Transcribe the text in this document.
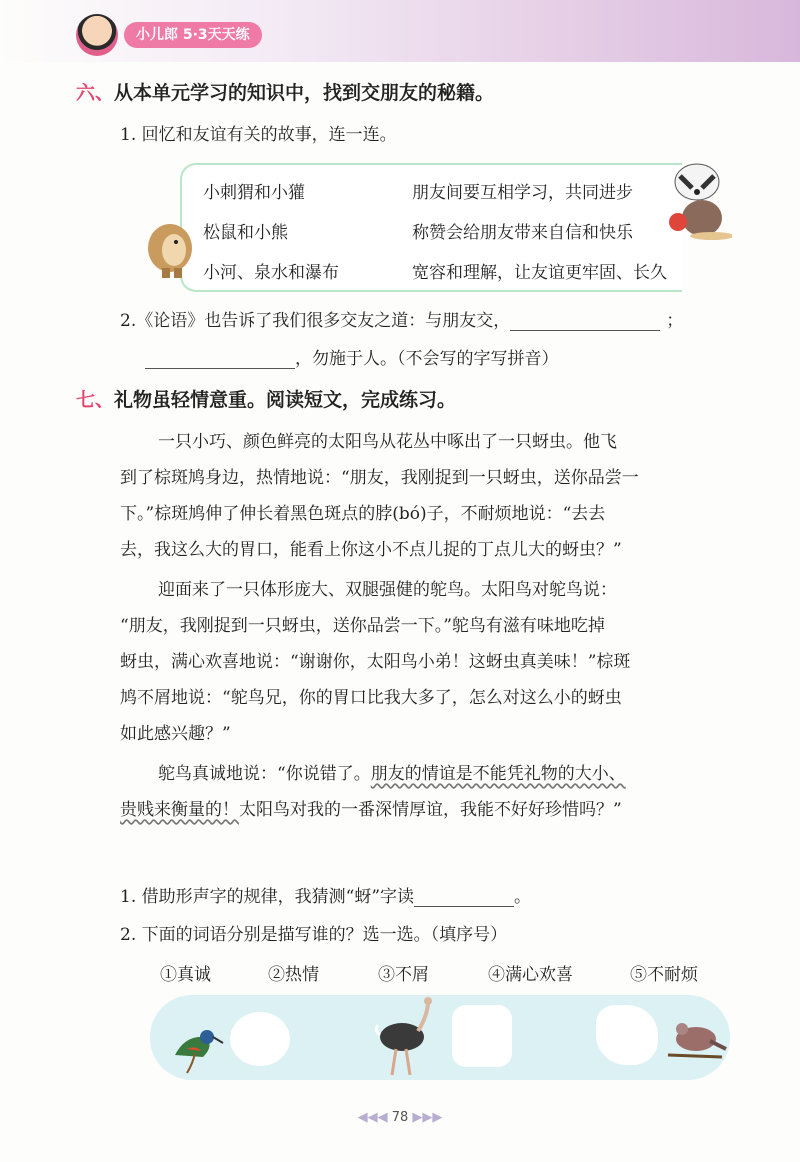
小儿郎 5·3天天练
六、从本单元学习的知识中，找到交朋友的秘籍。
1. 回忆和友谊有关的故事，连一连。
小刺猬和小獾
松鼠和小熊
小河、泉水和瀑布
朋友间要互相学习，共同进步
称赞会给朋友带来自信和快乐
宽容和理解，让友谊更牢固、长久
2.《论语》也告诉了我们很多交友之道：与朋友交，	；
，勿施于人。（不会写的字写拼音）
七、礼物虽轻情意重。阅读短文，完成练习。
一只小巧、颜色鲜亮的太阳鸟从花丛中啄出了一只蚜虫。他飞
到了棕斑鸠身边，热情地说：“朋友，我刚捉到一只蚜虫，送你品尝一
下。”棕斑鸠伸了伸长着黑色斑点的脖(bó)子，不耐烦地说：“去去
去，我这么大的胃口，能看上你这小不点儿捉的丁点儿大的蚜虫？”
迎面来了一只体形庞大、双腿强健的鸵鸟。太阳鸟对鸵鸟说：
“朋友，我刚捉到一只蚜虫，送你品尝一下。”鸵鸟有滋有味地吃掉
蚜虫，满心欢喜地说：“谢谢你，太阳鸟小弟！这蚜虫真美味！”棕斑
鸠不屑地说：“鸵鸟兄，你的胃口比我大多了，怎么对这么小的蚜虫
如此感兴趣？”
鸵鸟真诚地说：“你说错了。朋友的情谊是不能凭礼物的大小、
贵贱来衡量的！太阳鸟对我的一番深情厚谊，我能不好好珍惜吗？”
1. 借助形声字的规律，我猜测“蚜”字读	。
2. 下面的词语分别是描写谁的？选一选。（填序号）
①真诚	②热情	③不屑	④满心欢喜	⑤不耐烦
◀◀◀ 78 ▶▶▶
